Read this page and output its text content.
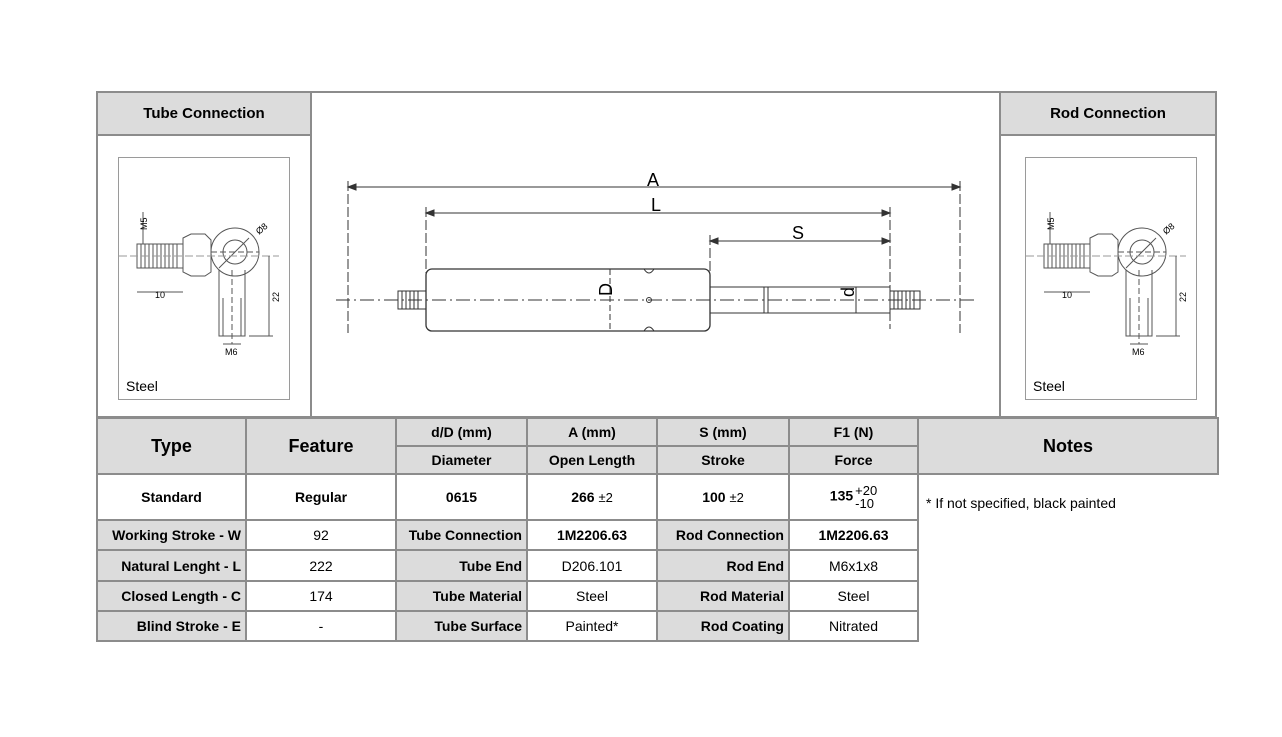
Tube Connection
M5	Ø8
10	22
M6
Steel
A
L
S
D	d
Rod Connection
M5	Ø8
10	22
M6
Steel
Type	Feature	d/D (mm)	A (mm)	S (mm)	F1 (N)	Notes
		Diameter	Open Length	Stroke	Force	
Standard	Regular	0615	266 ±2	100 ±2	135 +20
-10	
Working Stroke - W	92	Tube Connection	1M2206.63	Rod Connection	1M2206.63	
Natural Lenght - L	222	Tube End	D206.101	Rod End	M6x1x8	
Closed Length - C	174	Tube Material	Steel	Rod Material	Steel	
Blind Stroke - E	-	Tube Surface	Painted*	Rod Coating	Nitrated	
* If not specified, black painted
